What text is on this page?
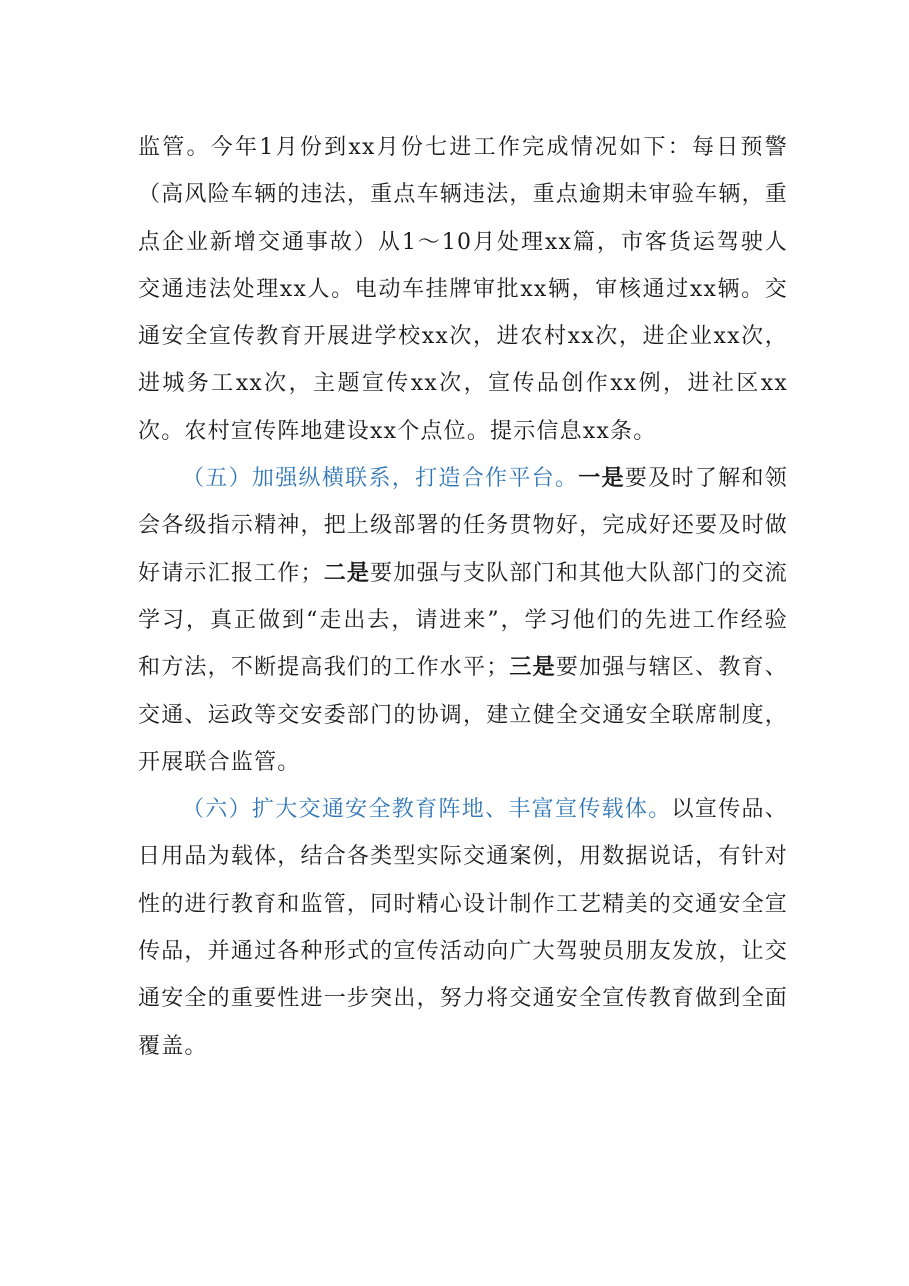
监管。今年1月份到xx月份七进工作完成情况如下：每日预警（高风险车辆的违法，重点车辆违法，重点逾期未审验车辆，重点企业新增交通事故）从1～10月处理xx篇，市客货运驾驶人交通违法处理xx人。电动车挂牌审批xx辆，审核通过xx辆。交通安全宣传教育开展进学校xx次，进农村xx次，进企业xx次，进城务工xx次，主题宣传xx次，宣传品创作xx例，进社区xx次。农村宣传阵地建设xx个点位。提示信息xx条。

（五）加强纵横联系，打造合作平台。一是要及时了解和领会各级指示精神，把上级部署的任务贯物好，完成好还要及时做好请示汇报工作；二是要加强与支队部门和其他大队部门的交流学习，真正做到“走出去，请进来”，学习他们的先进工作经验和方法，不断提高我们的工作水平；三是要加强与辖区、教育、交通、运政等交安委部门的协调，建立健全交通安全联席制度，开展联合监管。

（六）扩大交通安全教育阵地、丰富宣传载体。以宣传品、日用品为载体，结合各类型实际交通案例，用数据说话，有针对性的进行教育和监管，同时精心设计制作工艺精美的交通安全宣传品，并通过各种形式的宣传活动向广大驾驶员朋友发放，让交通安全的重要性进一步突出，努力将交通安全宣传教育做到全面覆盖。
